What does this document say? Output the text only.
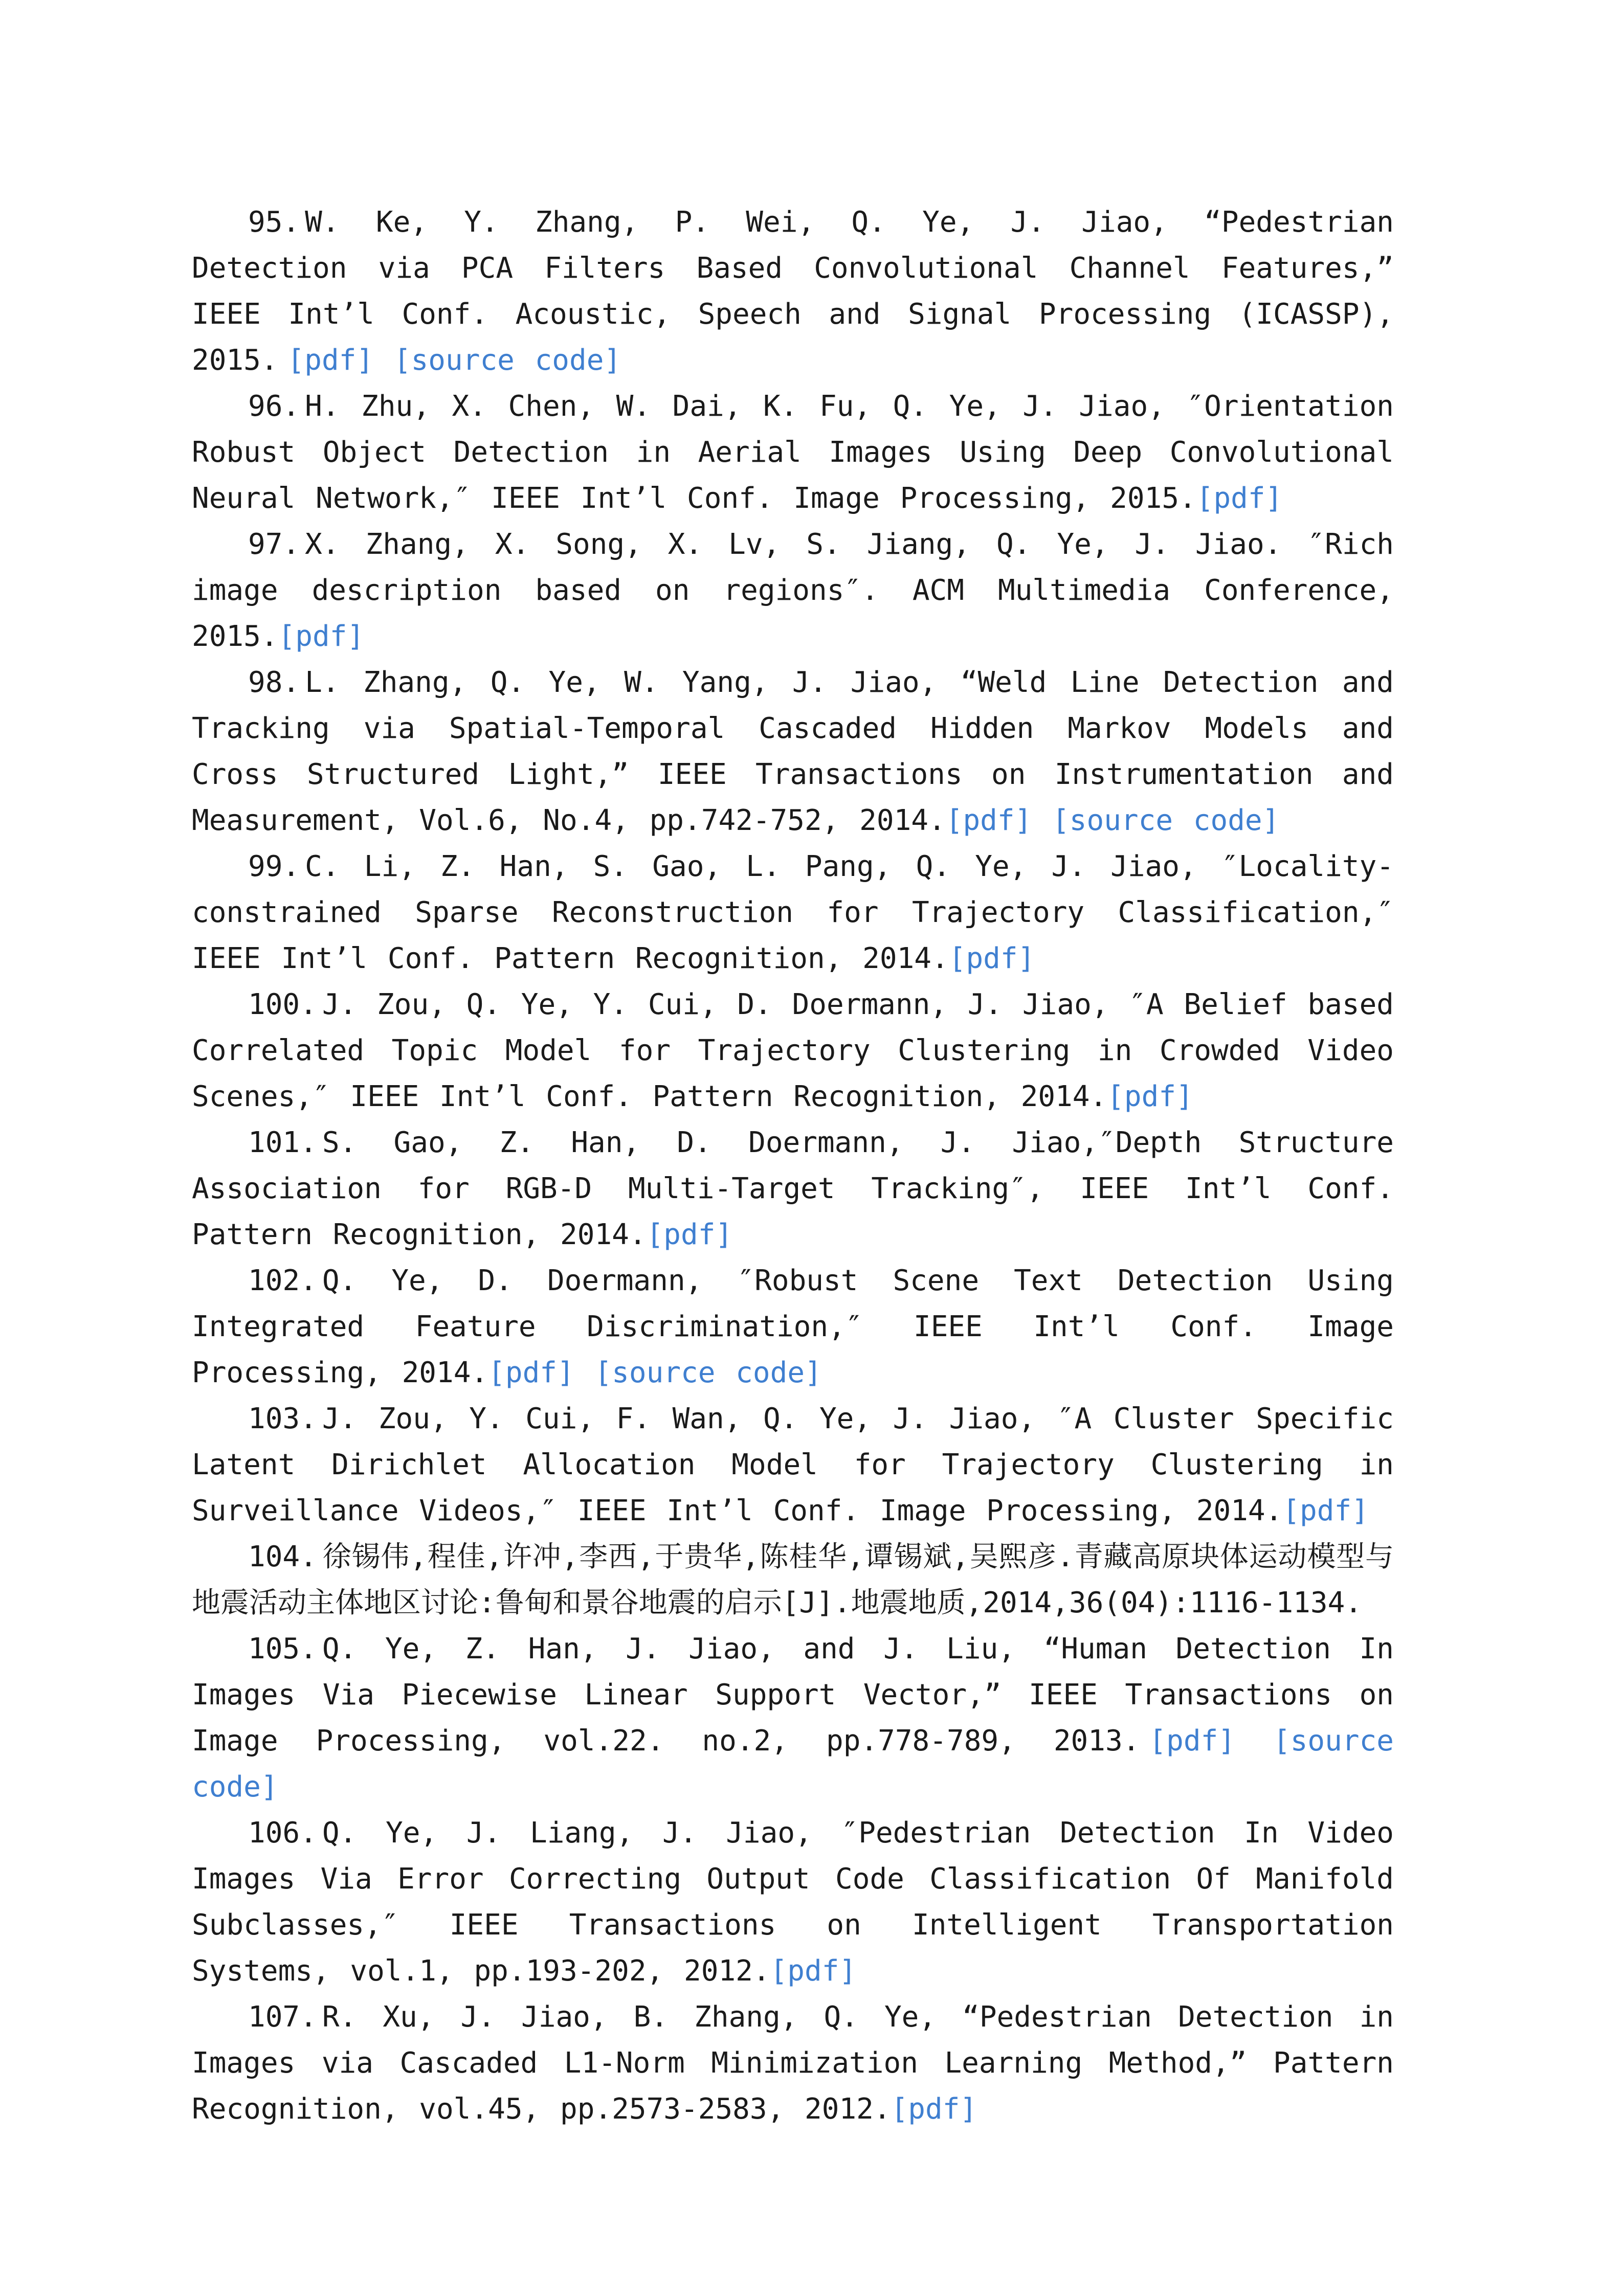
95. W. Ke, Y. Zhang, P. Wei, Q. Ye, J. Jiao, “Pedestrian Detection via PCA Filters Based Convolutional Channel Features,” IEEE Int’l Conf. Acoustic, Speech and Signal Processing (ICASSP), 2015. [pdf] [source code]

96. H. Zhu, X. Chen, W. Dai, K. Fu, Q. Ye, J. Jiao, ″Orientation Robust Object Detection in Aerial Images Using Deep Convolutional Neural Network,″ IEEE Int’l Conf. Image Processing, 2015.[pdf]

97. X. Zhang, X. Song, X. Lv, S. Jiang, Q. Ye, J. Jiao. ″Rich image description based on regions″. ACM Multimedia Conference, 2015.[pdf]

98. L. Zhang, Q. Ye, W. Yang, J. Jiao, “Weld Line Detection and Tracking via Spatial-Temporal Cascaded Hidden Markov Models and Cross Structured Light,” IEEE Transactions on Instrumentation and Measurement, Vol.6, No.4, pp.742-752, 2014.[pdf] [source code]

99. C. Li, Z. Han, S. Gao, L. Pang, Q. Ye, J. Jiao, ″Locality-constrained Sparse Reconstruction for Trajectory Classification,″ IEEE Int’l Conf. Pattern Recognition, 2014.[pdf]

100. J. Zou, Q. Ye, Y. Cui, D. Doermann, J. Jiao, ″A Belief based Correlated Topic Model for Trajectory Clustering in Crowded Video Scenes,″ IEEE Int’l Conf. Pattern Recognition, 2014.[pdf]

101. S. Gao, Z. Han, D. Doermann, J. Jiao,″Depth Structure Association for RGB-D Multi-Target Tracking″, IEEE Int’l Conf. Pattern Recognition, 2014.[pdf]

102. Q. Ye, D. Doermann, ″Robust Scene Text Detection Using Integrated Feature Discrimination,″ IEEE Int’l Conf. Image Processing, 2014.[pdf] [source code]

103. J. Zou, Y. Cui, F. Wan, Q. Ye, J. Jiao, ″A Cluster Specific Latent Dirichlet Allocation Model for Trajectory Clustering in Surveillance Videos,″ IEEE Int’l Conf. Image Processing, 2014.[pdf]

104. 徐锡伟,程佳,许冲,李西,于贵华,陈桂华,谭锡斌,吴熙彦.青藏高原块体运动模型与地震活动主体地区讨论:鲁甸和景谷地震的启示[J].地震地质,2014,36(04):1116-1134.

105. Q. Ye, Z. Han, J. Jiao, and J. Liu, “Human Detection In Images Via Piecewise Linear Support Vector,” IEEE Transactions on Image Processing, vol.22. no.2, pp.778-789, 2013. [pdf] [source code]

106. Q. Ye, J. Liang, J. Jiao, ″Pedestrian Detection In Video Images Via Error Correcting Output Code Classification Of Manifold Subclasses,″ IEEE Transactions on Intelligent Transportation Systems, vol.1, pp.193-202, 2012.[pdf]

107. R. Xu, J. Jiao, B. Zhang, Q. Ye, “Pedestrian Detection in Images via Cascaded L1-Norm Minimization Learning Method,” Pattern Recognition, vol.45, pp.2573-2583, 2012.[pdf]
